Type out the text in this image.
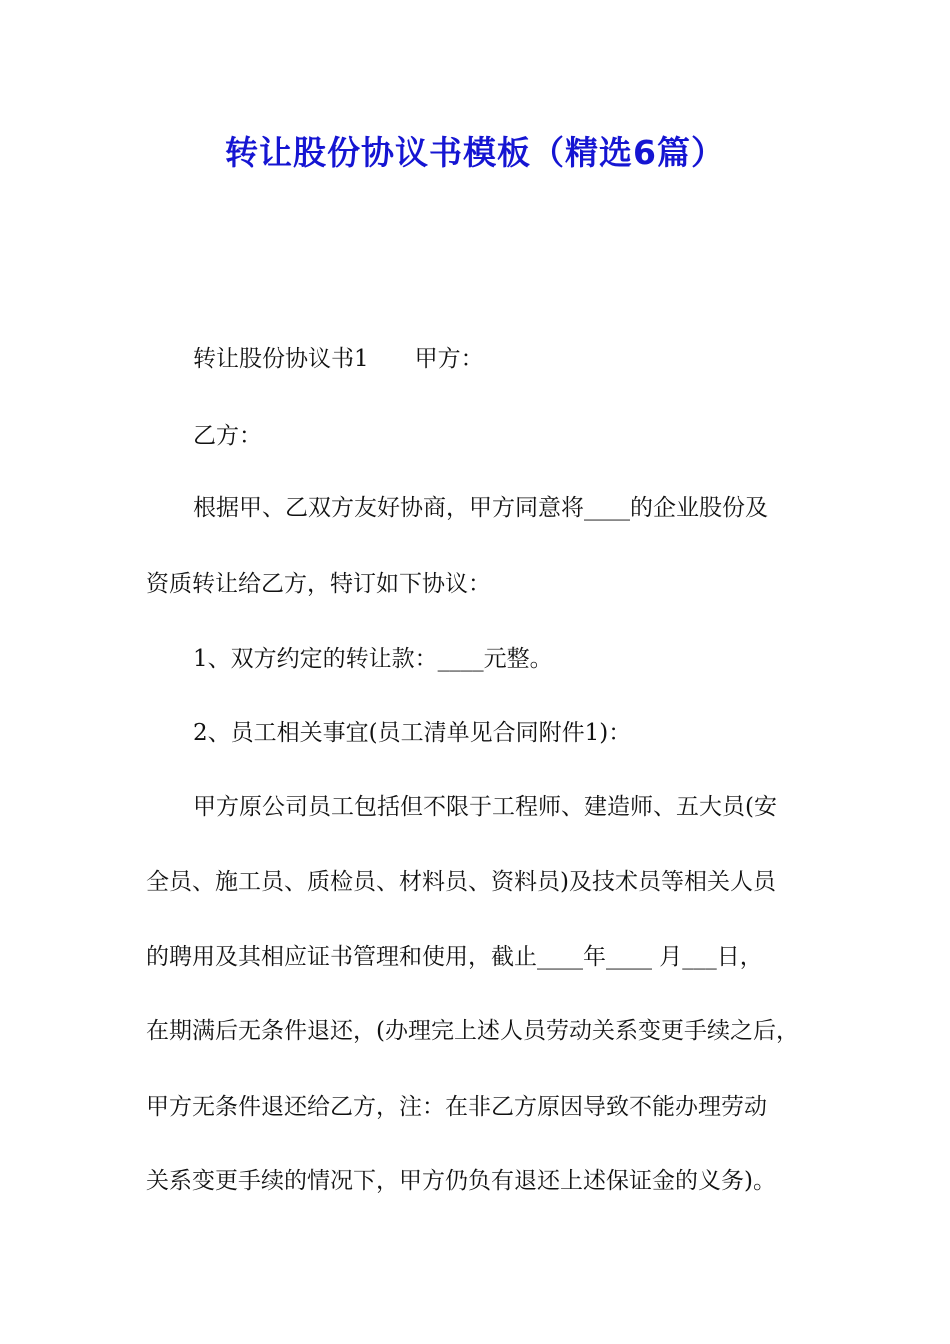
转让股份协议书模板（精选6篇）
转让股份协议书1　　甲方：
乙方：
根据甲、乙双方友好协商，甲方同意将____的企业股份及
资质转让给乙方，特订如下协议：
1、双方约定的转让款：____元整。
2、员工相关事宜(员工清单见合同附件1)：
甲方原公司员工包括但不限于工程师、建造师、五大员(安
全员、施工员、质检员、材料员、资料员)及技术员等相关人员
的聘用及其相应证书管理和使用，截止____年____ 月___日，
在期满后无条件退还，(办理完上述人员劳动关系变更手续之后，
甲方无条件退还给乙方，注：在非乙方原因导致不能办理劳动
关系变更手续的情况下，甲方仍负有退还上述保证金的义务)。
